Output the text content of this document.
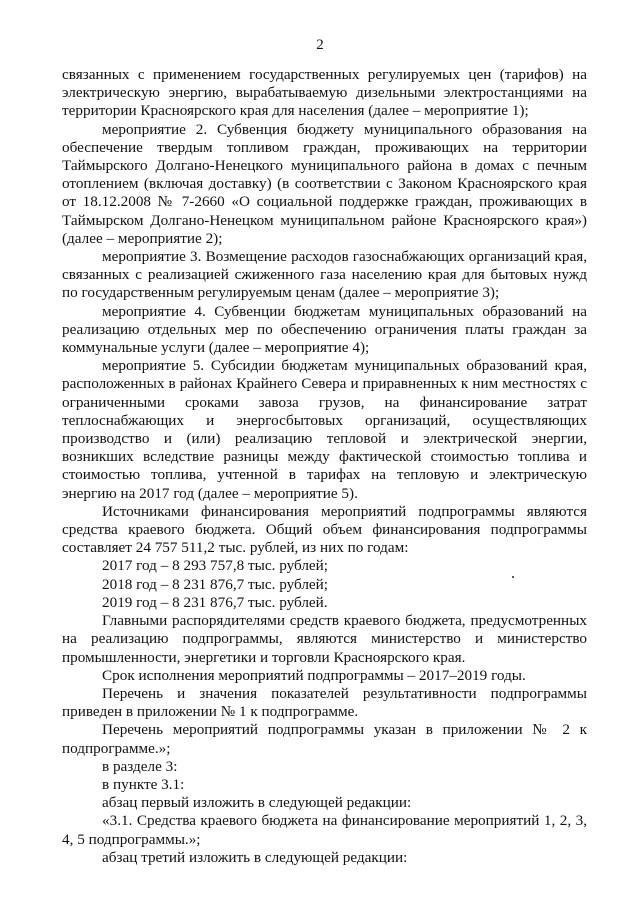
2

связанных с применением государственных регулируемых цен (тарифов) на электрическую энергию, вырабатываемую дизельными электростанциями на территории Красноярского края для населения (далее – мероприятие 1);

мероприятие 2. Субвенция бюджету муниципального образования на обеспечение твердым топливом граждан, проживающих на территории Таймырского Долгано-Ненецкого муниципального района в домах с печным отоплением (включая доставку) (в соответствии с Законом Красноярского края от 18.12.2008 № 7-2660 «О социальной поддержке граждан, проживающих в Таймырском Долгано-Ненецком муниципальном районе Красноярского края») (далее – мероприятие 2);

мероприятие 3. Возмещение расходов газоснабжающих организаций края, связанных с реализацией сжиженного газа населению края для бытовых нужд по государственным регулируемым ценам (далее – мероприятие 3);

мероприятие 4. Субвенции бюджетам муниципальных образований на реализацию отдельных мер по обеспечению ограничения платы граждан за коммунальные услуги (далее – мероприятие 4);

мероприятие 5. Субсидии бюджетам муниципальных образований края, расположенных в районах Крайнего Севера и приравненных к ним местностях с ограниченными сроками завоза грузов, на финансирование затрат теплоснабжающих и энергосбытовых организаций, осуществляющих производство и (или) реализацию тепловой и электрической энергии, возникших вследствие разницы между фактической стоимостью топлива и стоимостью топлива, учтенной в тарифах на тепловую и электрическую энергию на 2017 год (далее – мероприятие 5).

Источниками финансирования мероприятий подпрограммы являются средства краевого бюджета. Общий объем финансирования подпрограммы составляет 24 757 511,2 тыс. рублей, из них по годам:

2017 год – 8 293 757,8 тыс. рублей;

2018 год – 8 231 876,7 тыс. рублей;

2019 год – 8 231 876,7 тыс. рублей.

Главными распорядителями средств краевого бюджета, предусмотренных на реализацию подпрограммы, являются министерство и министерство промышленности, энергетики и торговли Красноярского края.

Срок исполнения мероприятий подпрограммы – 2017–2019 годы.

Перечень и значения показателей результативности подпрограммы приведен в приложении № 1 к подпрограмме.

Перечень мероприятий подпрограммы указан в приложении № 2 к подпрограмме.»;

в разделе 3:

в пункте 3.1:

абзац первый изложить в следующей редакции:

«3.1. Средства краевого бюджета на финансирование мероприятий 1, 2, 3, 4, 5 подпрограммы.»;

абзац третий изложить в следующей редакции:
